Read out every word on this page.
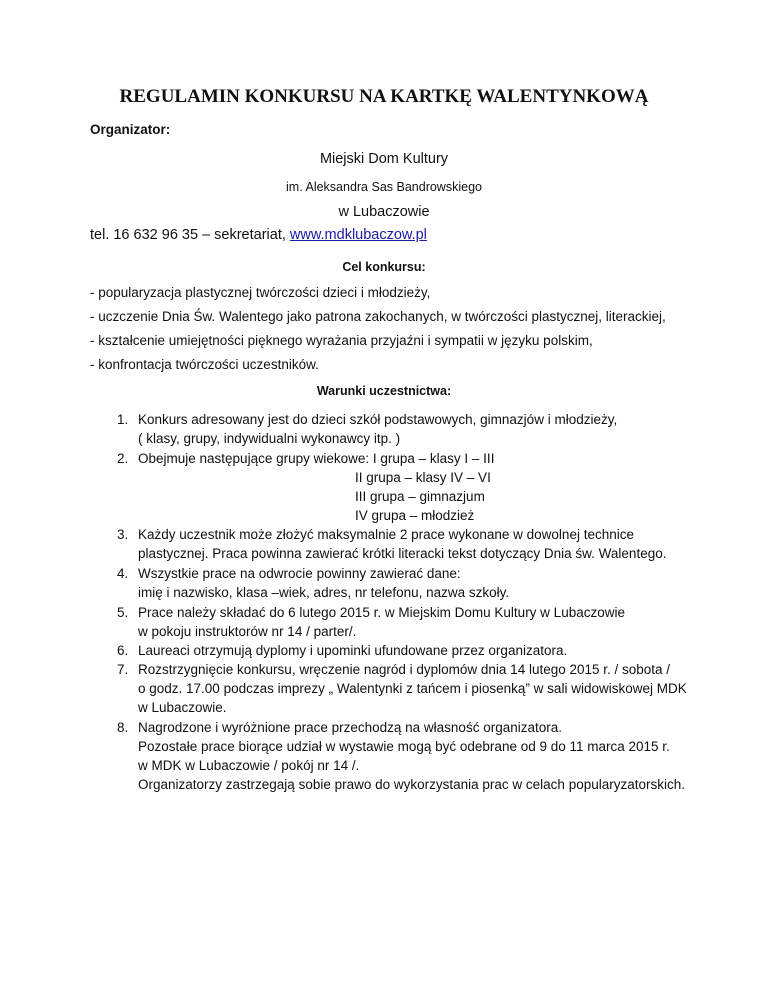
REGULAMIN KONKURSU NA KARTKĘ WALENTYNKOWĄ
Organizator:
Miejski Dom Kultury
im. Aleksandra Sas Bandrowskiego
w Lubaczowie
tel. 16 632 96 35 – sekretariat, www.mdklubaczow.pl
Cel konkursu:
- popularyzacja plastycznej twórczości dzieci i młodzieży,
- uczczenie Dnia Św. Walentego jako patrona zakochanych, w twórczości plastycznej, literackiej,
- kształcenie umiejętności pięknego wyrażania przyjaźni i sympatii w języku polskim,
- konfrontacja twórczości uczestników.
Warunki uczestnictwa:
1. Konkurs adresowany jest do dzieci szkół podstawowych, gimnazjów i młodzieży,
( klasy, grupy, indywidualni wykonawcy itp. )
2. Obejmuje następujące grupy wiekowe: I grupa – klasy I – III
II grupa – klasy IV – VI
III grupa – gimnazjum
IV grupa – młodzież
3. Każdy uczestnik może złożyć maksymalnie 2 prace wykonane w dowolnej technice
plastycznej. Praca powinna zawierać krótki literacki tekst dotyczący Dnia św. Walentego.
4. Wszystkie prace na odwrocie powinny zawierać dane:
imię i nazwisko, klasa –wiek, adres, nr telefonu, nazwa szkoły.
5. Prace należy składać do 6 lutego 2015 r. w Miejskim Domu Kultury w Lubaczowie
w pokoju instruktorów nr 14 / parter/.
6. Laureaci otrzymują dyplomy i upominki ufundowane przez organizatora.
7. Rozstrzygnięcie konkursu, wręczenie nagród i dyplomów dnia 14 lutego 2015 r. / sobota /
o godz. 17.00 podczas imprezy „ Walentynki z tańcem i piosenką” w sali widowiskowej MDK
w Lubaczowie.
8. Nagrodzone i wyróżnione prace przechodzą na własność organizatora.
Pozostałe prace biorące udział w wystawie mogą być odebrane od 9 do 11 marca 2015 r.
w MDK w Lubaczowie / pokój nr 14 /.
Organizatorzy zastrzegają sobie prawo do wykorzystania prac w celach popularyzatorskich.
